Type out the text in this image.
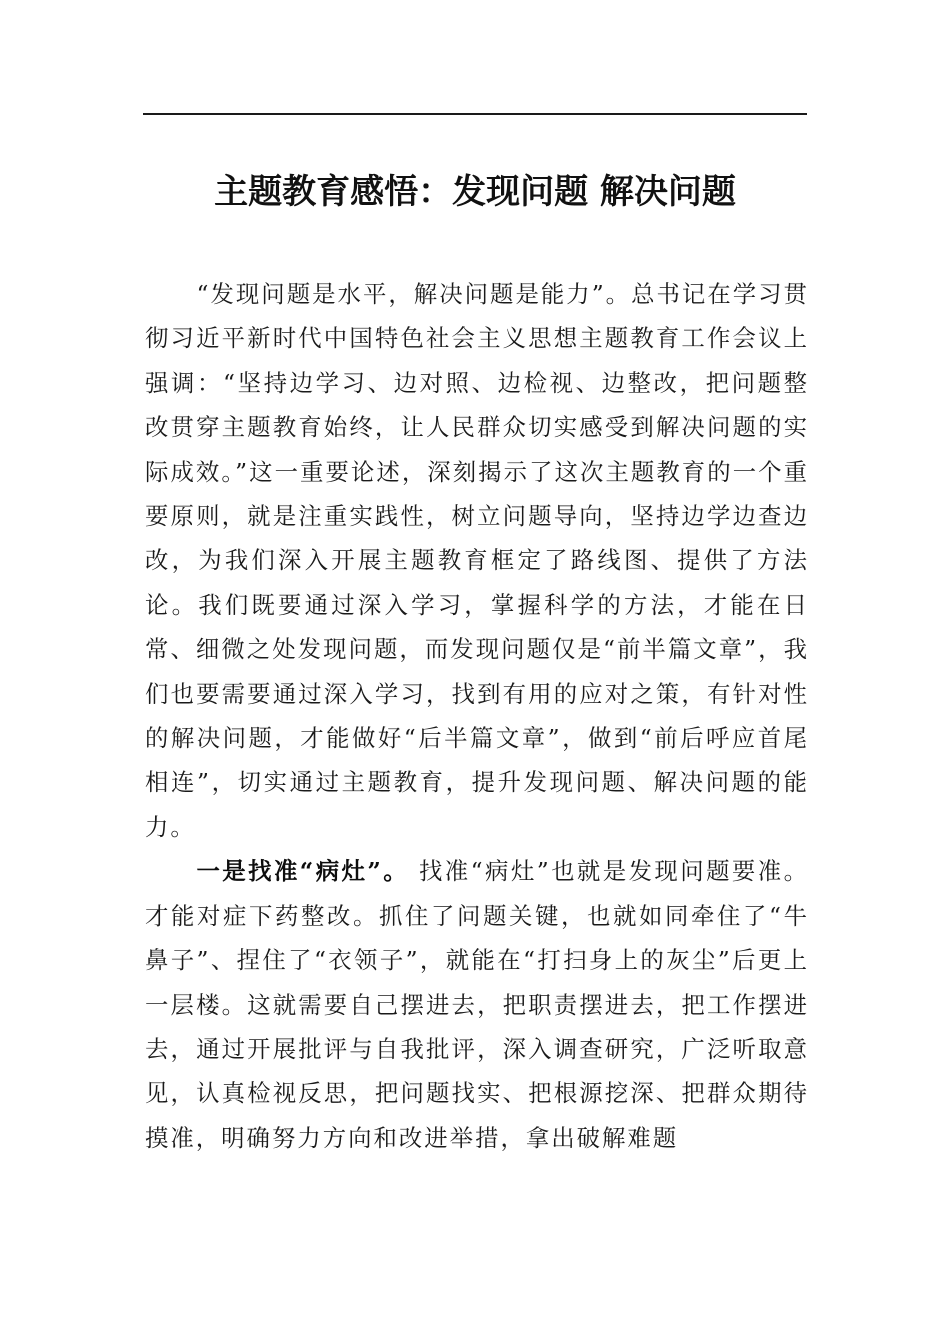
主题教育感悟：发现问题 解决问题

“发现问题是水平，解决问题是能力”。总书记在学习贯彻习近平新时代中国特色社会主义思想主题教育工作会议上强调：“坚持边学习、边对照、边检视、边整改，把问题整改贯穿主题教育始终，让人民群众切实感受到解决问题的实际成效。”这一重要论述，深刻揭示了这次主题教育的一个重要原则，就是注重实践性，树立问题导向，坚持边学边查边改，为我们深入开展主题教育框定了路线图、提供了方法论。我们既要通过深入学习，掌握科学的方法，才能在日常、细微之处发现问题，而发现问题仅是“前半篇文章”，我们也要需要通过深入学习，找到有用的应对之策，有针对性的解决问题，才能做好“后半篇文章”，做到“前后呼应首尾相连”，切实通过主题教育，提升发现问题、解决问题的能力。

一是找准“病灶”。 找准“病灶”也就是发现问题要准。才能对症下药整改。抓住了问题关键，也就如同牵住了“牛鼻子”、捏住了“衣领子”，就能在“打扫身上的灰尘”后更上一层楼。这就需要自己摆进去，把职责摆进去，把工作摆进去，通过开展批评与自我批评，深入调查研究，广泛听取意见，认真检视反思，把问题找实、把根源挖深、把群众期待摸准，明确努力方向和改进举措，拿出破解难题
